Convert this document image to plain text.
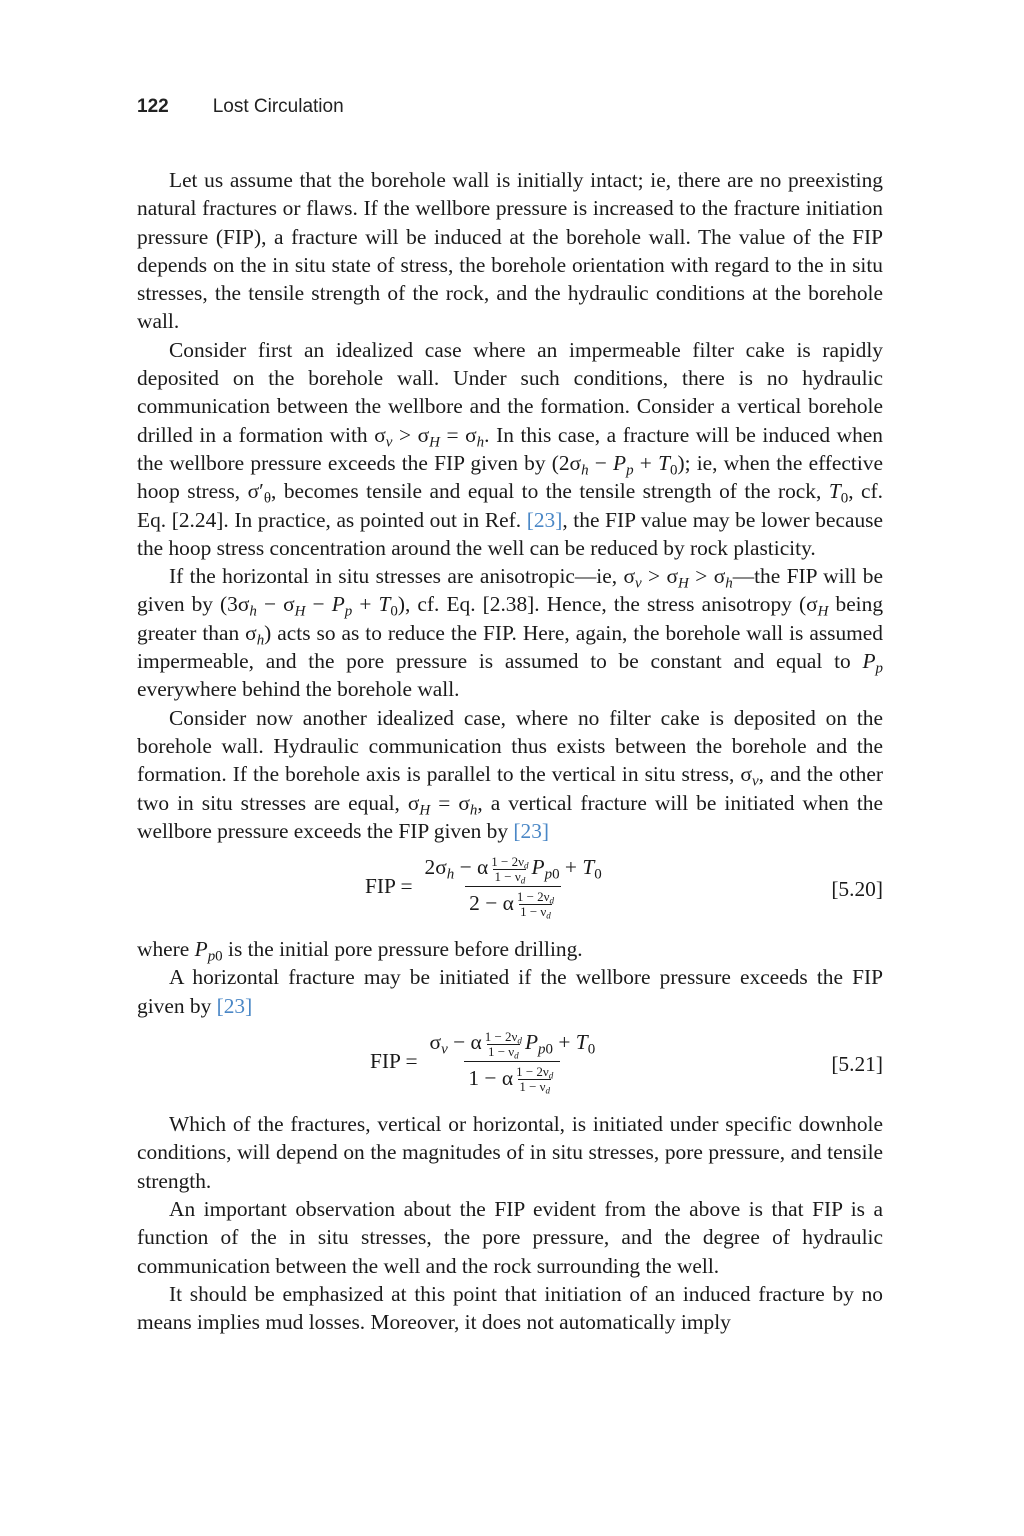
122 Lost Circulation

Let us assume that the borehole wall is initially intact; ie, there are no preexisting natural fractures or flaws. If the wellbore pressure is increased to the fracture initiation pressure (FIP), a fracture will be induced at the borehole wall. The value of the FIP depends on the in situ state of stress, the borehole orientation with regard to the in situ stresses, the tensile strength of the rock, and the hydraulic conditions at the borehole wall.

Consider first an idealized case where an impermeable filter cake is rapidly deposited on the borehole wall. Under such conditions, there is no hydraulic communication between the wellbore and the formation. Consider a vertical borehole drilled in a formation with $\sigma_v > \sigma_H = \sigma_h$. In this case, a fracture will be induced when the wellbore pressure exceeds the FIP given by $(2\sigma_h - P_p + T_0)$; ie, when the effective hoop stress, $\sigma'_\theta$, becomes tensile and equal to the tensile strength of the rock, $T_0$, cf. Eq. [2.24]. In practice, as pointed out in Ref. [23], the FIP value may be lower because the hoop stress concentration around the well can be reduced by rock plasticity.

If the horizontal in situ stresses are anisotropic—ie, $\sigma_v > \sigma_H$ > $\sigma_h—the$ FIP will be given by $(3\sigma_h - \sigma_H - P_p + T_0)$, cf. Eq. [2.38]. Hence, the stress anisotropy ($\sigma_H$ being greater than $\sigma_h$) acts so as to reduce the FIP. Here, again, the borehole wall is assumed impermeable, and the pore pressure is assumed to be constant and equal to $P_p$ everywhere behind the borehole wall.

Consider now another idealized case, where no filter cake is deposited on the borehole wall. Hydraulic communication thus exists between the borehole and the formation. If the borehole axis is parallel to the vertical in situ stress, $\sigma_v$, and the other two in situ stresses are equal, $\sigma_H = \sigma_h$, a vertical fracture will be initiated when the wellbore pressure exceeds the FIP given by [23]

FIP = $\frac{2\sigma_h - \alpha \frac{1 - 2\nu_d}{1 - \nu_d} P_{p0} + T_0}{2 - \alpha \frac{1 - 2\nu_d}{1 - \nu_d}}$	[5.20]

where $P_{p0}$ is the initial pore pressure before drilling.

A horizontal fracture may be initiated if the wellbore pressure exceeds the FIP given by [23]

FIP = $\frac{\sigma_v - \alpha \frac{1 - 2\nu_d}{1 - \nu_d} P_{p0} + T_0}{1 - \alpha \frac{1 - 2\nu_d}{1 - \nu_d}}$	[5.21]

Which of the fractures, vertical or horizontal, is initiated under specific downhole conditions, will depend on the magnitudes of in situ stresses, pore pressure, and tensile strength.

An important observation about the FIP evident from the above is that FIP is a function of the in situ stresses, the pore pressure, and the degree of hydraulic communication between the well and the rock surrounding the well.

It should be emphasized at this point that initiation of an induced fracture by no means implies mud losses. Moreover, it does not automatically imply
